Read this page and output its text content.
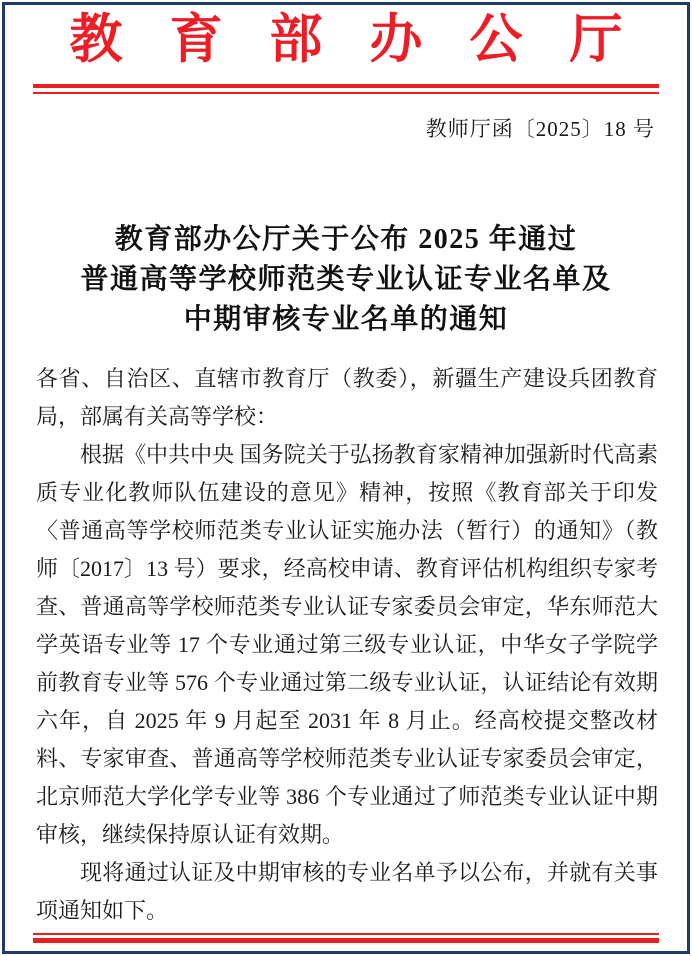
教育部办公厅
教师厅函〔2025〕18 号
教育部办公厅关于公布 2025 年通过
普通高等学校师范类专业认证专业名单及
中期审核专业名单的通知

各省、自治区、直辖市教育厅（教委），新疆生产建设兵团教育局，部属有关高等学校：

根据《中共中央 国务院关于弘扬教育家精神加强新时代高素质专业化教师队伍建设的意见》精神，按照《教育部关于印发〈普通高等学校师范类专业认证实施办法（暂行）的通知》（教师〔2017〕13 号）要求，经高校申请、教育评估机构组织专家考查、普通高等学校师范类专业认证专家委员会审定，华东师范大学英语专业等 17 个专业通过第三级专业认证，中华女子学院学前教育专业等 576 个专业通过第二级专业认证，认证结论有效期六年，自 2025 年 9 月起至 2031 年 8 月止。经高校提交整改材料、专家审查、普通高等学校师范类专业认证专家委员会审定，北京师范大学化学专业等 386 个专业通过了师范类专业认证中期审核，继续保持原认证有效期。

现将通过认证及中期审核的专业名单予以公布，并就有关事项通知如下。
